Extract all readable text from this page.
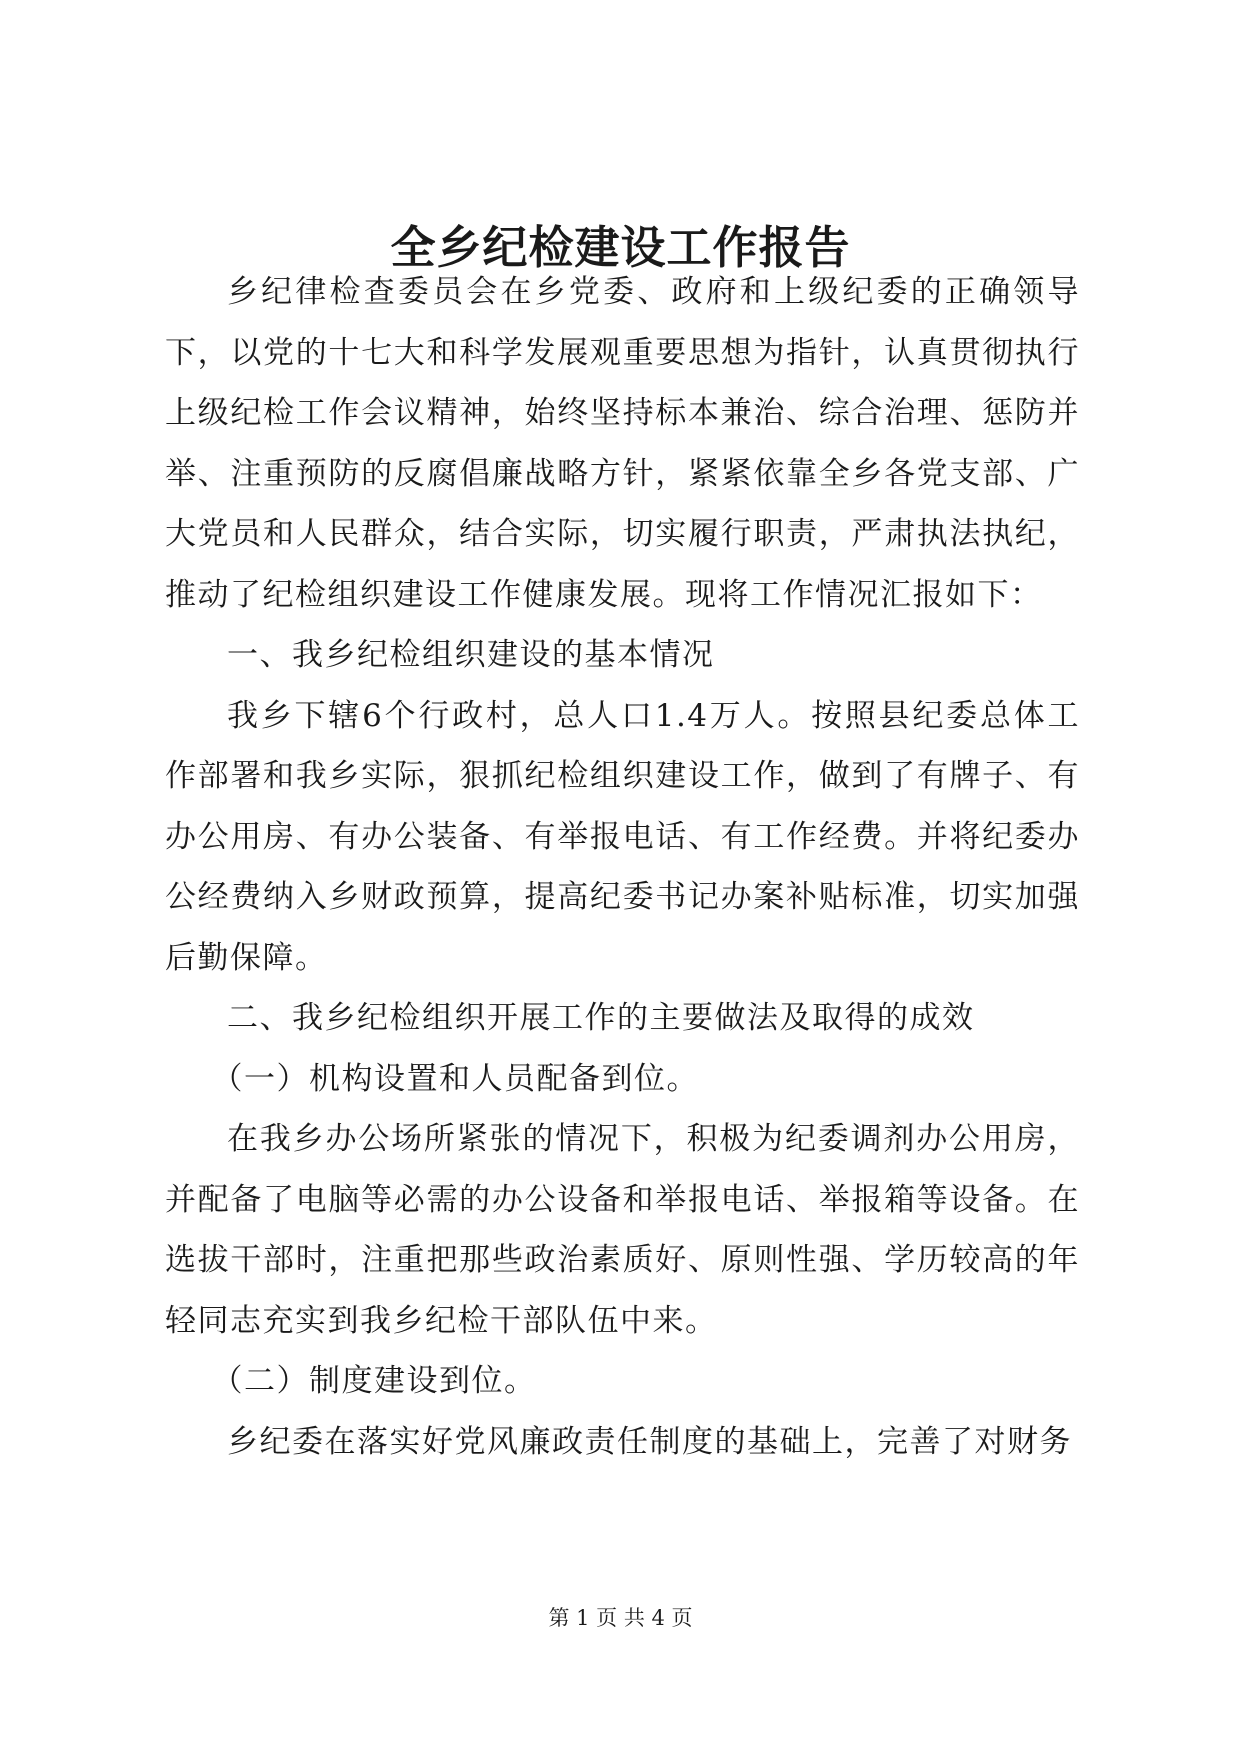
全乡纪检建设工作报告

乡纪律检查委员会在乡党委、政府和上级纪委的正确领导下，以党的十七大和科学发展观重要思想为指针，认真贯彻执行上级纪检工作会议精神，始终坚持标本兼治、综合治理、惩防并举、注重预防的反腐倡廉战略方针，紧紧依靠全乡各党支部、广大党员和人民群众，结合实际，切实履行职责，严肃执法执纪，推动了纪检组织建设工作健康发展。现将工作情况汇报如下：

一、我乡纪检组织建设的基本情况

我乡下辖6个行政村，总人口1.4万人。按照县纪委总体工作部署和我乡实际，狠抓纪检组织建设工作，做到了有牌子、有办公用房、有办公装备、有举报电话、有工作经费。并将纪委办公经费纳入乡财政预算，提高纪委书记办案补贴标准，切实加强后勤保障。

二、我乡纪检组织开展工作的主要做法及取得的成效

（一）机构设置和人员配备到位。

在我乡办公场所紧张的情况下，积极为纪委调剂办公用房，并配备了电脑等必需的办公设备和举报电话、举报箱等设备。在选拔干部时，注重把那些政治素质好、原则性强、学历较高的年轻同志充实到我乡纪检干部队伍中来。

（二）制度建设到位。

乡纪委在落实好党风廉政责任制度的基础上，完善了对财务

第 1 页 共 4 页
